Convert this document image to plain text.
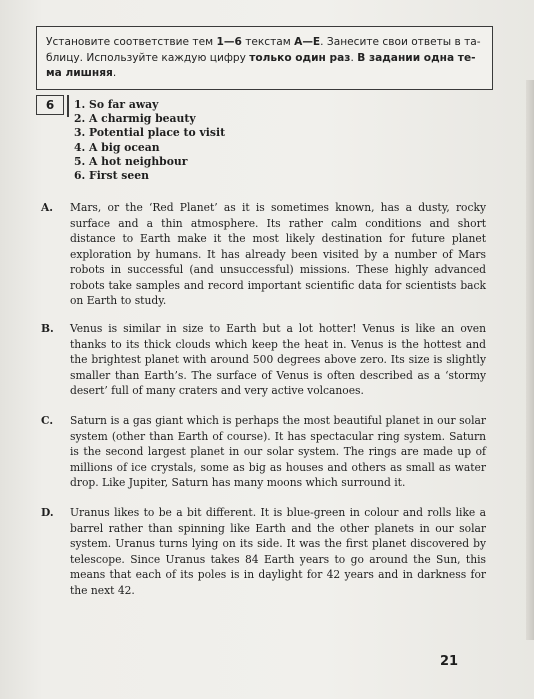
Установите соответствие тем 1—6 текстам А—Е. Занесите свои ответы в та-блицу. Используйте каждую цифру только один раз. В задании одна те-ма лишняя.
6	1. So far away
2. A charmig beauty
3. Potential place to visit
4. A big ocean
5. A hot neighbour
6. First seen
A. Mars, or the ‘Red Planet’ as it is sometimes known, has a dusty, rocky surface and a thin atmosphere. Its rather calm conditions and short distance to Earth make it the most likely destination for future planet exploration by humans. It has already been visited by a number of Mars robots in successful (and unsuccessful) missions. These highly advanced robots take samples and record important scientific data for scientists back on Earth to study.
B. Venus is similar in size to Earth but a lot hotter! Venus is like an oven thanks to its thick clouds which keep the heat in. Venus is the hottest and the brightest planet with around 500 degrees above zero. Its size is slightly smaller than Earth’s. The surface of Venus is often described as a ‘stormy desert’ full of many craters and very active volcanoes.
C. Saturn is a gas giant which is perhaps the most beautiful planet in our solar system (other than Earth of course). It has spectacular ring system. Saturn is the second largest planet in our solar system. The rings are made up of millions of ice crystals, some as big as houses and others as small as water drop. Like Jupiter, Saturn has many moons which surround it.
D. Uranus likes to be a bit different. It is blue-green in colour and rolls like a barrel rather than spinning like Earth and the other planets in our solar system. Uranus turns lying on its side. It was the first planet discovered by telescope. Since Uranus takes 84 Earth years to go around the Sun, this means that each of its poles is in daylight for 42 years and in darkness for the next 42.
21
